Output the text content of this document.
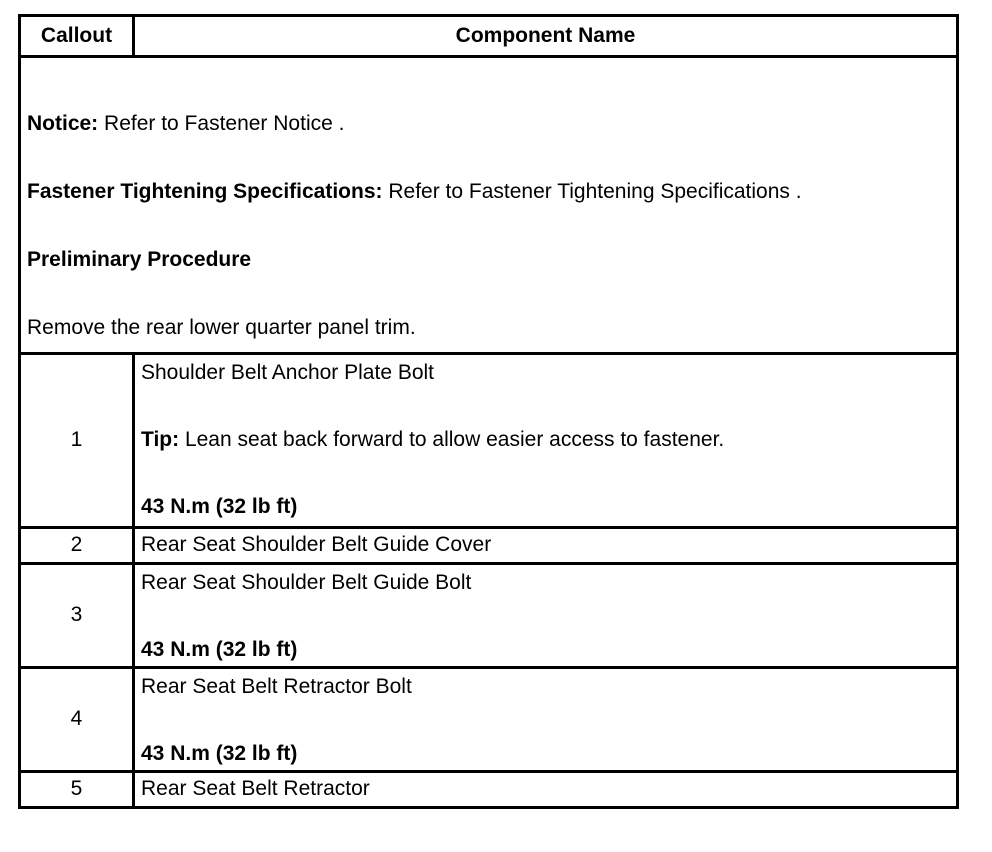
Callout	Component Name

Notice: Refer to Fastener Notice .

Fastener Tightening Specifications: Refer to Fastener Tightening Specifications .

Preliminary Procedure

Remove the rear lower quarter panel trim.	

1	Shoulder Belt Anchor Plate Bolt
Tip: Lean seat back forward to allow easier access to fastener.
43 N.m (32 lb ft)

2	Rear Seat Shoulder Belt Guide Cover
3	Rear Seat Shoulder Belt Guide Bolt
43 N.m (32 lb ft)

4	Rear Seat Belt Retractor Bolt
43 N.m (32 lb ft)

5	Rear Seat Belt Retractor
